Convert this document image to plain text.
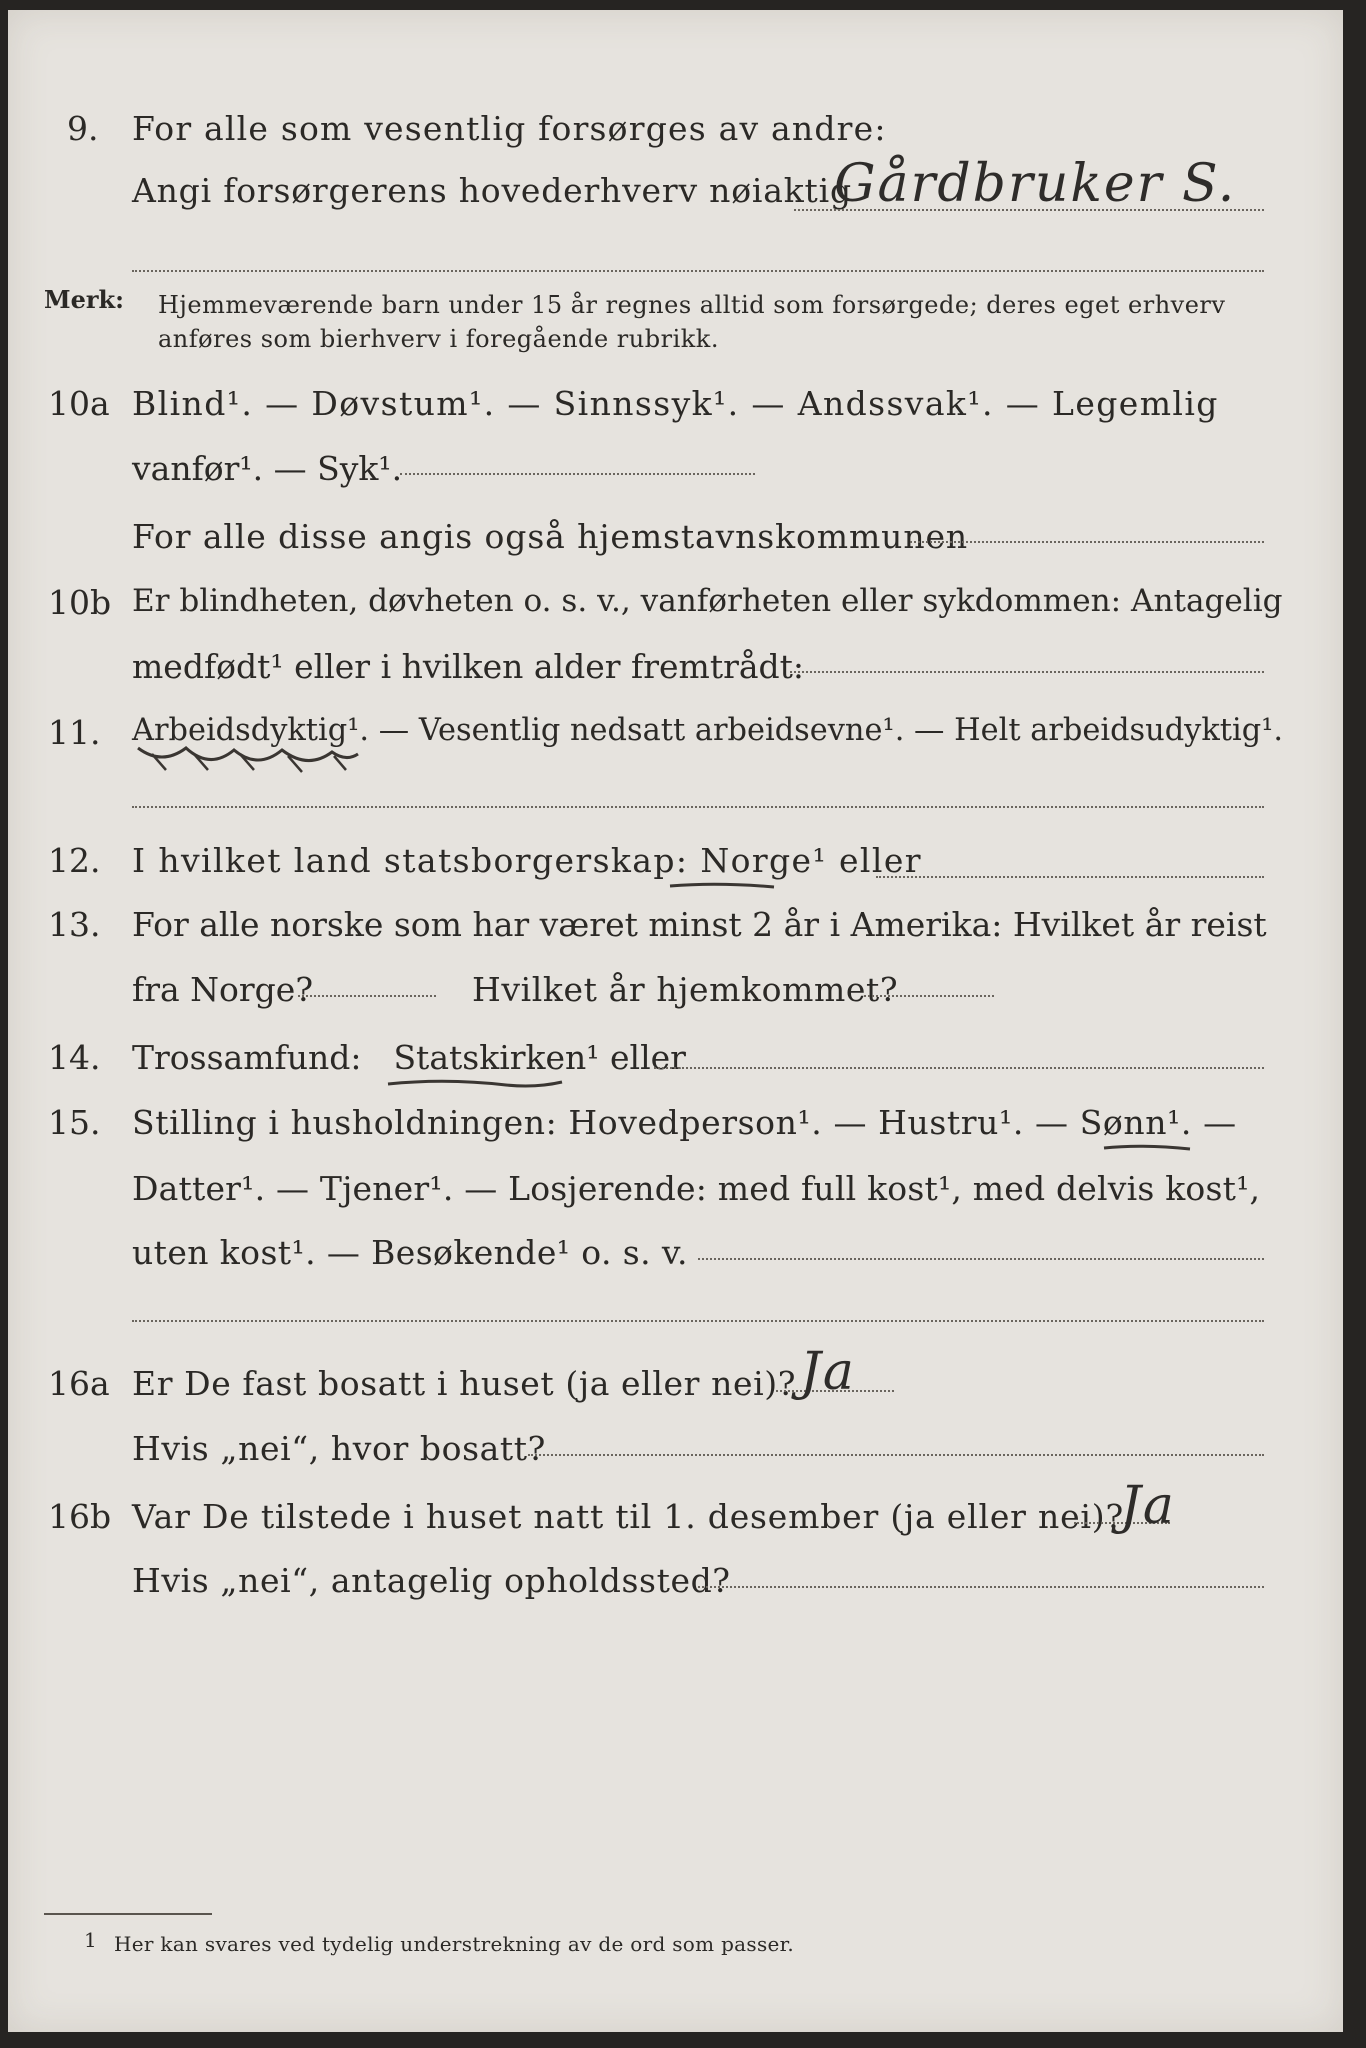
9. For alle som vesentlig forsørges av andre:
Angi forsørgerens hovederhverv nøiaktig
Gårdbruker S.
Merk: Hjemmeværende barn under 15 år regnes alltid som forsørgede; deres eget erhverv
anføres som bierhverv i foregående rubrikk.
10a Blind¹. — Døvstum¹. — Sinnssyk¹. — Andssvak¹. — Legemlig
vanfør¹. — Syk¹.
For alle disse angis også hjemstavnskommunen
10b Er blindheten, døvheten o. s. v., vanførheten eller sykdommen: Antagelig
medfødt¹ eller i hvilken alder fremtrådt:
11. Arbeidsdyktig¹. — Vesentlig nedsatt arbeidsevne¹. — Helt arbeidsudyktig¹.
12. I hvilket land statsborgerskap: Norge¹ eller
13. For alle norske som har været minst 2 år i Amerika: Hvilket år reist
fra Norge?	Hvilket år hjemkommet?
14. Trossamfund: Statskirken¹ eller
15. Stilling i husholdningen: Hovedperson¹. — Hustru¹. — Sønn¹. —
Datter¹. — Tjener¹. — Losjerende: med full kost¹, med delvis kost¹,
uten kost¹. — Besøkende¹ o. s. v.
16a Er De fast bosatt i huset (ja eller nei)? Ja
Hvis „nei“, hvor bosatt?
16b Var De tilstede i huset natt til 1. desember (ja eller nei)?
Ja
Hvis „nei“, antagelig opholdssted?
1 Her kan svares ved tydelig understrekning av de ord som passer.
